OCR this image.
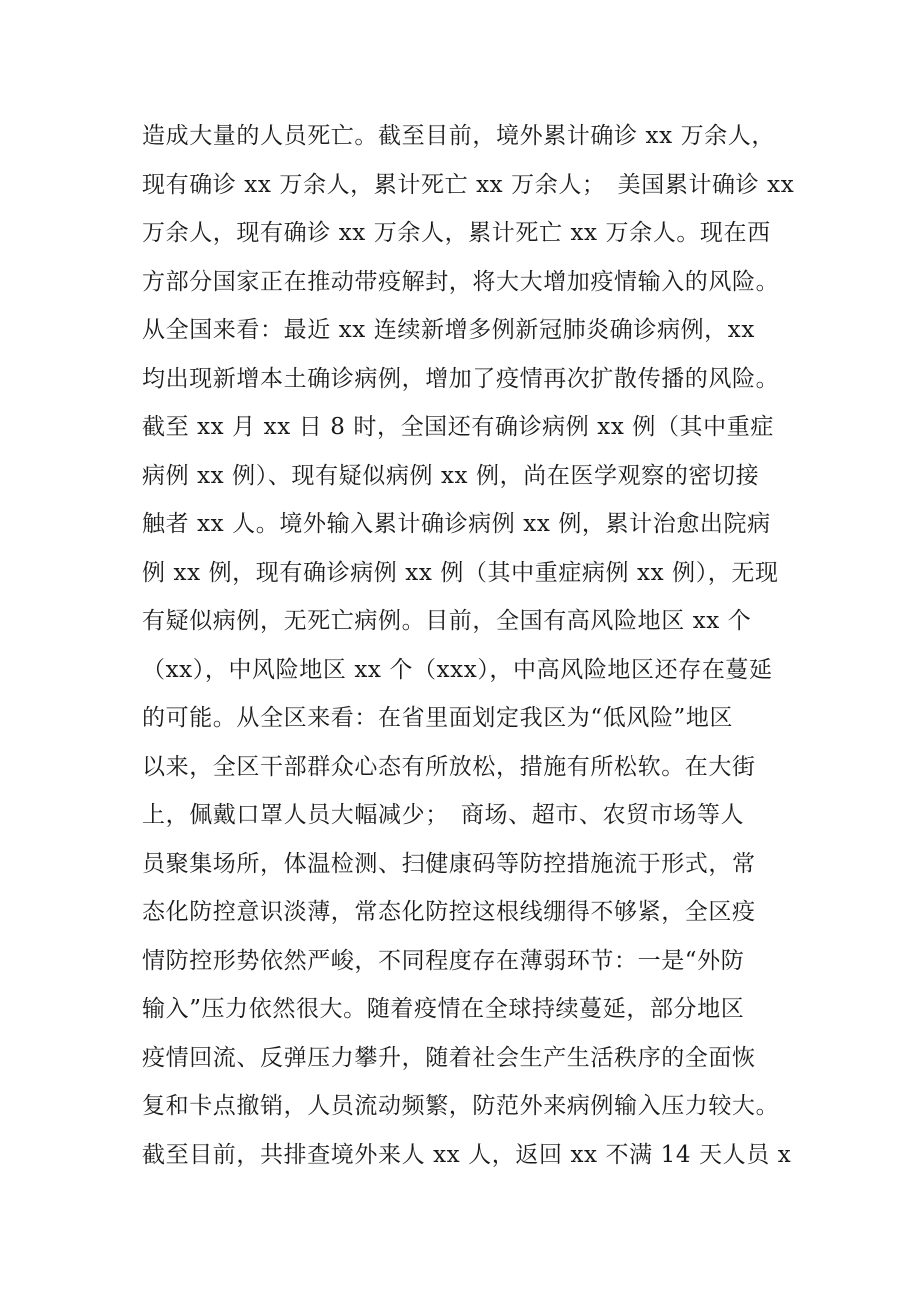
造成大量的人员死亡。截至目前，境外累计确诊 xx 万余人，
现有确诊 xx 万余人，累计死亡 xx 万余人；　美国累计确诊 xx
万余人，现有确诊 xx 万余人，累计死亡 xx 万余人。现在西
方部分国家正在推动带疫解封，将大大增加疫情输入的风险。
从全国来看：最近 xx 连续新增多例新冠肺炎确诊病例，xx
均出现新增本土确诊病例，增加了疫情再次扩散传播的风险。
截至 xx 月 xx 日 8 时，全国还有确诊病例 xx 例（其中重症
病例 xx 例）、现有疑似病例 xx 例，尚在医学观察的密切接
触者 xx 人。境外输入累计确诊病例 xx 例，累计治愈出院病
例 xx 例，现有确诊病例 xx 例（其中重症病例 xx 例），无现
有疑似病例，无死亡病例。目前，全国有高风险地区 xx 个
（xx），中风险地区 xx 个（xxx），中高风险地区还存在蔓延
的可能。从全区来看：在省里面划定我区为“低风险”地区
以来，全区干部群众心态有所放松，措施有所松软。在大街
上，佩戴口罩人员大幅减少；　商场、超市、农贸市场等人
员聚集场所，体温检测、扫健康码等防控措施流于形式，常
态化防控意识淡薄，常态化防控这根线绷得不够紧，全区疫
情防控形势依然严峻，不同程度存在薄弱环节：一是“外防
输入”压力依然很大。随着疫情在全球持续蔓延，部分地区
疫情回流、反弹压力攀升，随着社会生产生活秩序的全面恢
复和卡点撤销，人员流动频繁，防范外来病例输入压力较大。
截至目前，共排查境外来人 xx 人，返回 xx 不满 14 天人员 x
